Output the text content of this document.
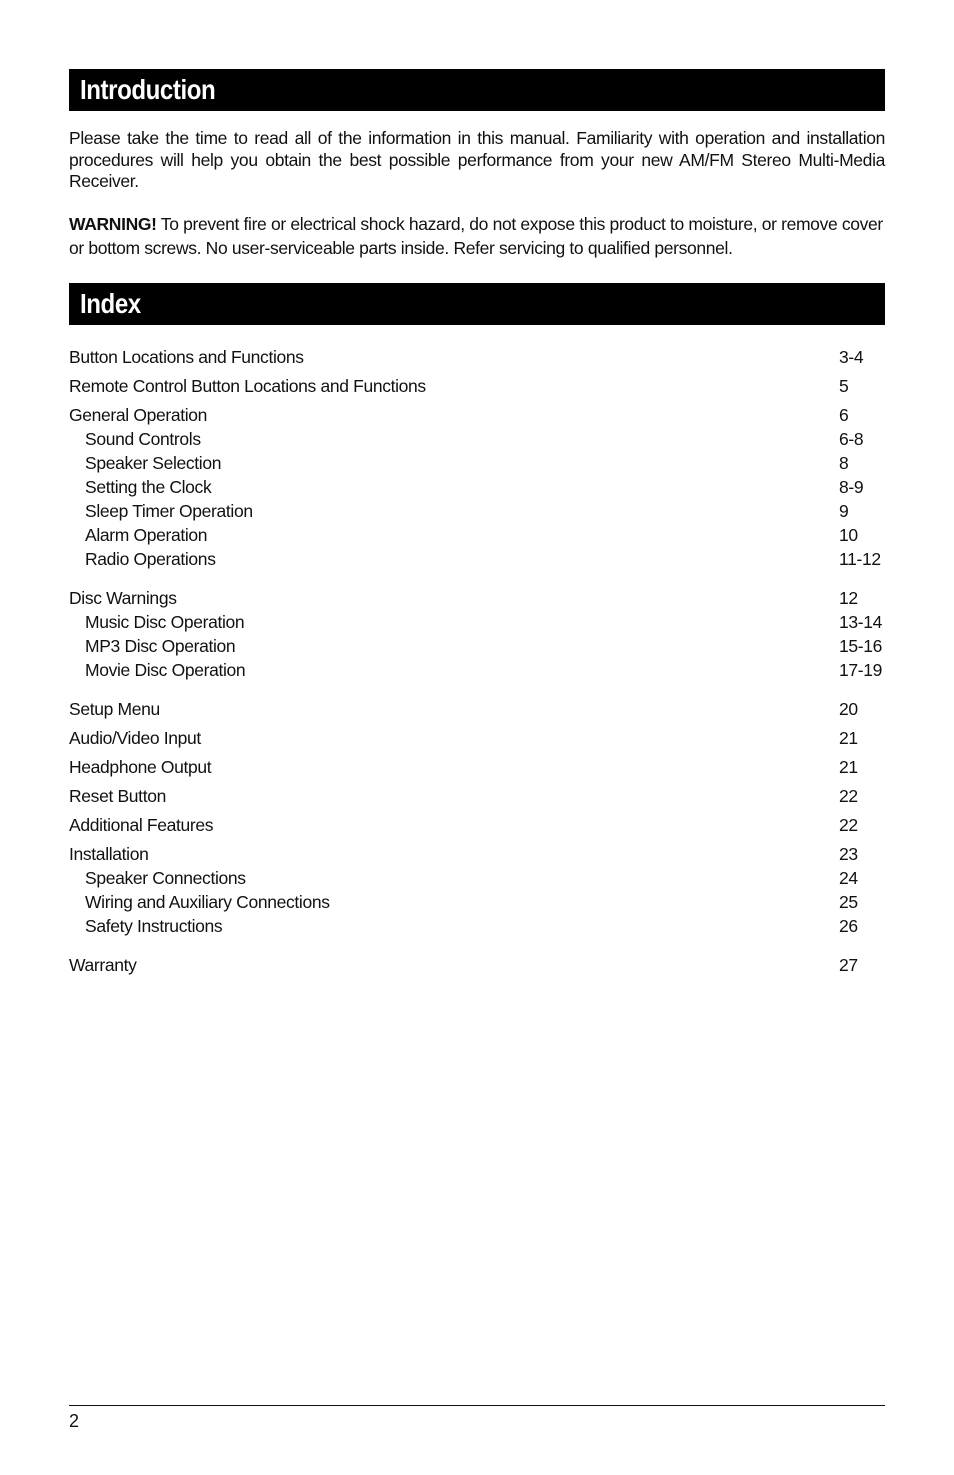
Introduction

Please take the time to read all of the information in this manual. Familiarity with operation and installation procedures will help you obtain the best possible performance from your new AM/FM Stereo Multi-Media Receiver.

WARNING! To prevent fire or electrical shock hazard, do not expose this product to moisture, or remove cover or bottom screws. No user-serviceable parts inside. Refer servicing to qualified personnel.

Index
Button Locations and Functions	3-4
Remote Control Button Locations and Functions	5
General Operation	6
Sound Controls	6-8
Speaker Selection	8
Setting the Clock	8-9
Sleep Timer Operation	9
Alarm Operation	10
Radio Operations	11-12
Disc Warnings	12
Music Disc Operation	13-14
MP3 Disc Operation	15-16
Movie Disc Operation	17-19
Setup Menu	20
Audio/Video Input	21
Headphone Output	21
Reset Button	22
Additional Features	22
Installation	23
Speaker Connections	24
Wiring and Auxiliary Connections	25
Safety Instructions	26
Warranty	27
2
